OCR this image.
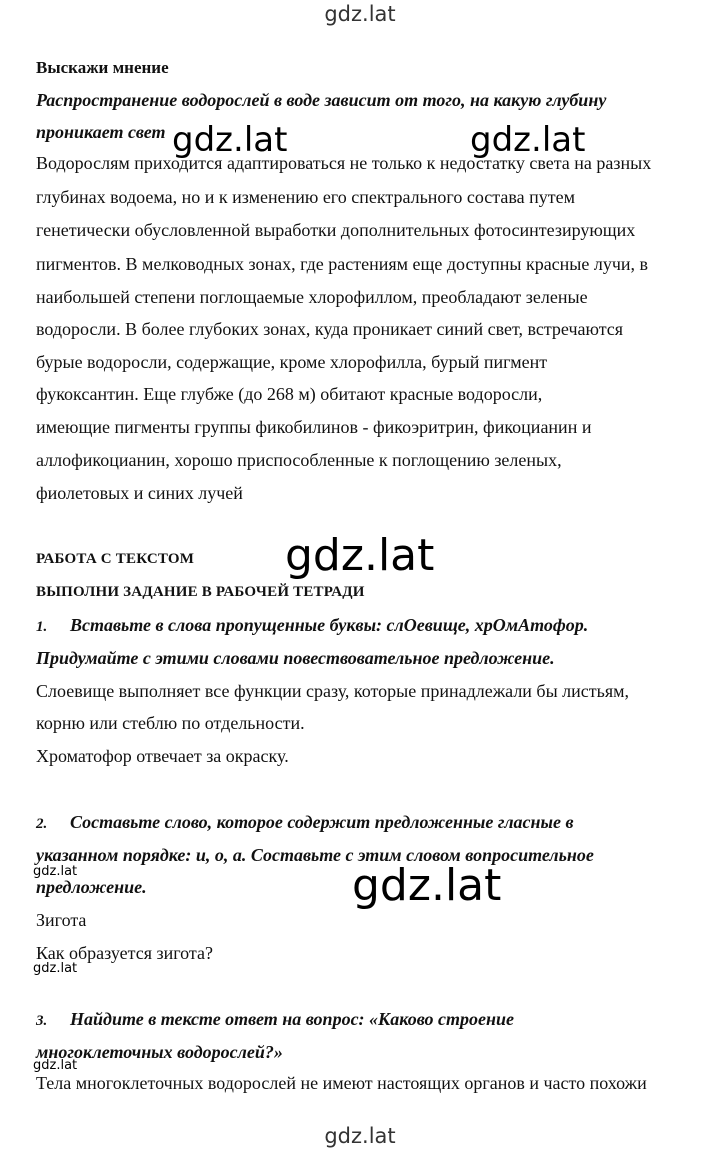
gdz.lat
gdz.lat	gdz.lat
gdz.lat
gdz.lat
gdz.lat
gdz.lat
gdz.lat
gdz.lat
Выскажи мнение
Распространение водорослей в воде зависит от того, на какую глубину
проникает свет
Водорослям приходится адаптироваться не только к недостатку света на разных
глубинах водоема, но и к изменению его спектрального состава путем
генетически обусловленной выработки дополнительных фотосинтезирующих
пигментов. В мелководных зонах, где растениям еще доступны красные лучи, в
наибольшей степени поглощаемые хлорофиллом, преобладают зеленые
водоросли. В более глубоких зонах, куда проникает синий свет, встречаются
бурые водоросли, содержащие, кроме хлорофилла, бурый пигмент
фукоксантин. Еще глубже (до 268 м) обитают красные водоросли,
имеющие пигменты группы фикобилинов - фикоэритрин, фикоцианин и
аллофикоцианин, хорошо приспособленные к поглощению зеленых,
фиолетовых и синих лучей
РАБОТА С ТЕКСТОМ
ВЫПОЛНИ ЗАДАНИЕ В РАБОЧЕЙ ТЕТРАДИ
1. Вставьте в слова пропущенные буквы: слОевище, хрОмАтофор.
Придумайте с этими словами повествовательное предложение.
Слоевище выполняет все функции сразу, которые принадлежали бы листьям,
корню или стеблю по отдельности.
Хроматофор отвечает за окраску.
2. Составьте слово, которое содержит предложенные гласные в
указанном порядке: и, о, а. Составьте с этим словом вопросительное
предложение.
Зигота
Как образуется зигота?
3. Найдите в тексте ответ на вопрос: «Каково строение
многоклеточных водорослей?»
Тела многоклеточных водорослей не имеют настоящих органов и часто похожи
